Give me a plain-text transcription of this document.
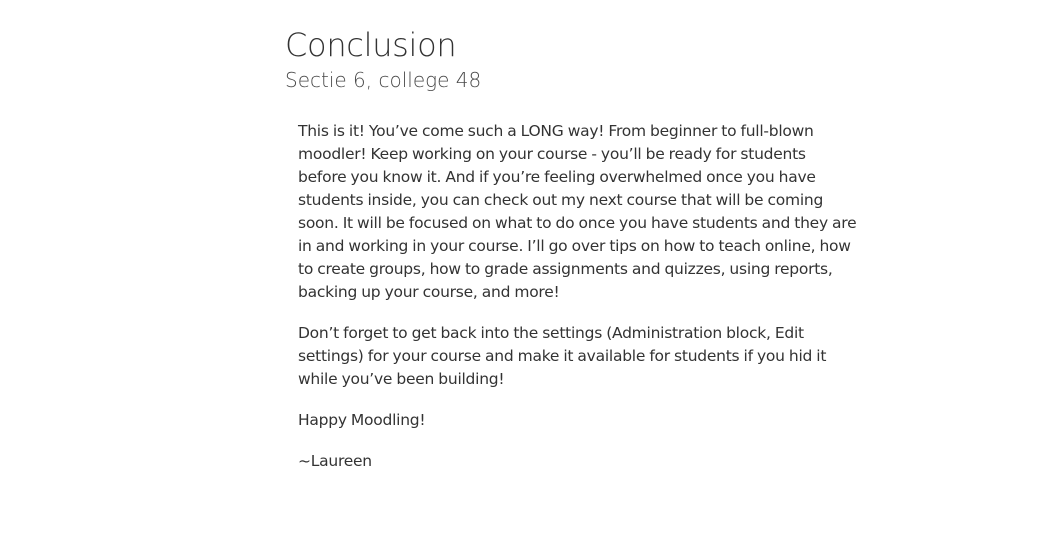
Conclusion
Sectie 6, college 48

This is it! You’ve come such a LONG way! From beginner to full-blown moodler! Keep working on your course - you’ll be ready for students before you know it. And if you’re feeling overwhelmed once you have students inside, you can check out my next course that will be coming soon. It will be focused on what to do once you have students and they are in and working in your course. I’ll go over tips on how to teach online, how to create groups, how to grade assignments and quizzes, using reports, backing up your course, and more!

Don’t forget to get back into the settings (Administration block, Edit settings) for your course and make it available for students if you hid it while you’ve been building!

Happy Moodling!

~Laureen
